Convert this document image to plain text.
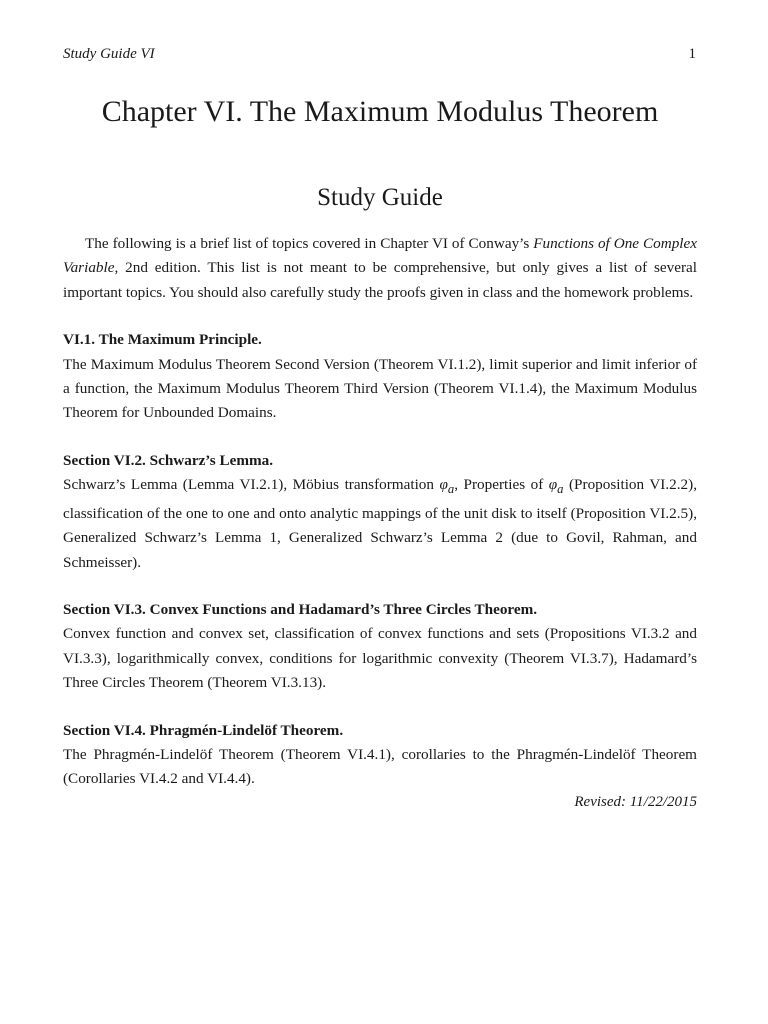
Study Guide VI	1
Chapter VI. The Maximum Modulus Theorem
Study Guide

The following is a brief list of topics covered in Chapter VI of Conway’s Functions of One Complex Variable, 2nd edition. This list is not meant to be comprehensive, but only gives a list of several important topics. You should also carefully study the proofs given in class and the homework problems.

VI.1. The Maximum Principle.

The Maximum Modulus Theorem Second Version (Theorem VI.1.2), limit superior and limit inferior of a function, the Maximum Modulus Theorem Third Version (Theorem VI.1.4), the Maximum Modulus Theorem for Unbounded Domains.

Section VI.2. Schwarz’s Lemma.

Schwarz’s Lemma (Lemma VI.2.1), Möbius transformation $\varphi_a$, Properties of $\varphi_a$ (Proposition VI.2.2), classification of the one to one and onto analytic mappings of the unit disk to itself (Proposition VI.2.5), Generalized Schwarz’s Lemma 1, Generalized Schwarz’s Lemma 2 (due to Govil, Rahman, and Schmeisser).

Section VI.3. Convex Functions and Hadamard’s Three Circles Theorem.

Convex function and convex set, classification of convex functions and sets (Propositions VI.3.2 and VI.3.3), logarithmically convex, conditions for logarithmic convexity (Theorem VI.3.7), Hadamard’s Three Circles Theorem (Theorem VI.3.13).

Section VI.4. Phragmén-Lindelöf Theorem.

The Phragmén-Lindelöf Theorem (Theorem VI.4.1), corollaries to the Phragmén-Lindelöf Theorem (Corollaries VI.4.2 and VI.4.4).

Revised: 11/22/2015
